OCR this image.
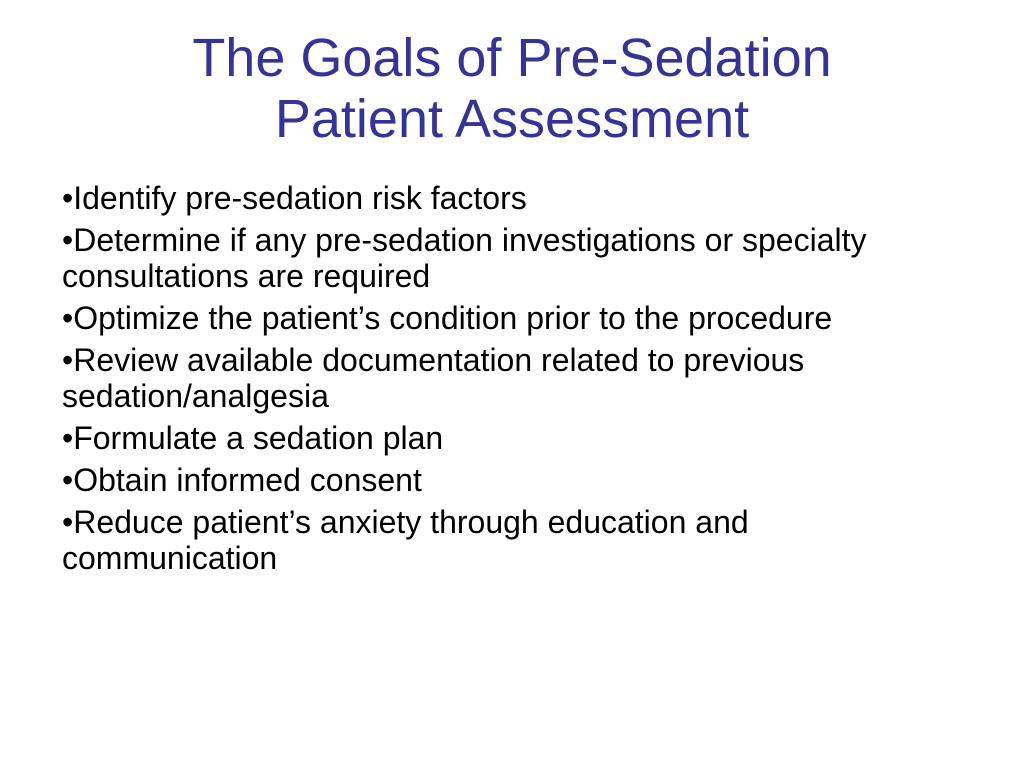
The Goals of Pre-Sedation
Patient Assessment
•Identify pre-sedation risk factors
•Determine if any pre-sedation investigations or specialty consultations are required
•Optimize the patient’s condition prior to the procedure
•Review available documentation related to previous sedation/analgesia
•Formulate a sedation plan
•Obtain informed consent
•Reduce patient’s anxiety through education and communication
